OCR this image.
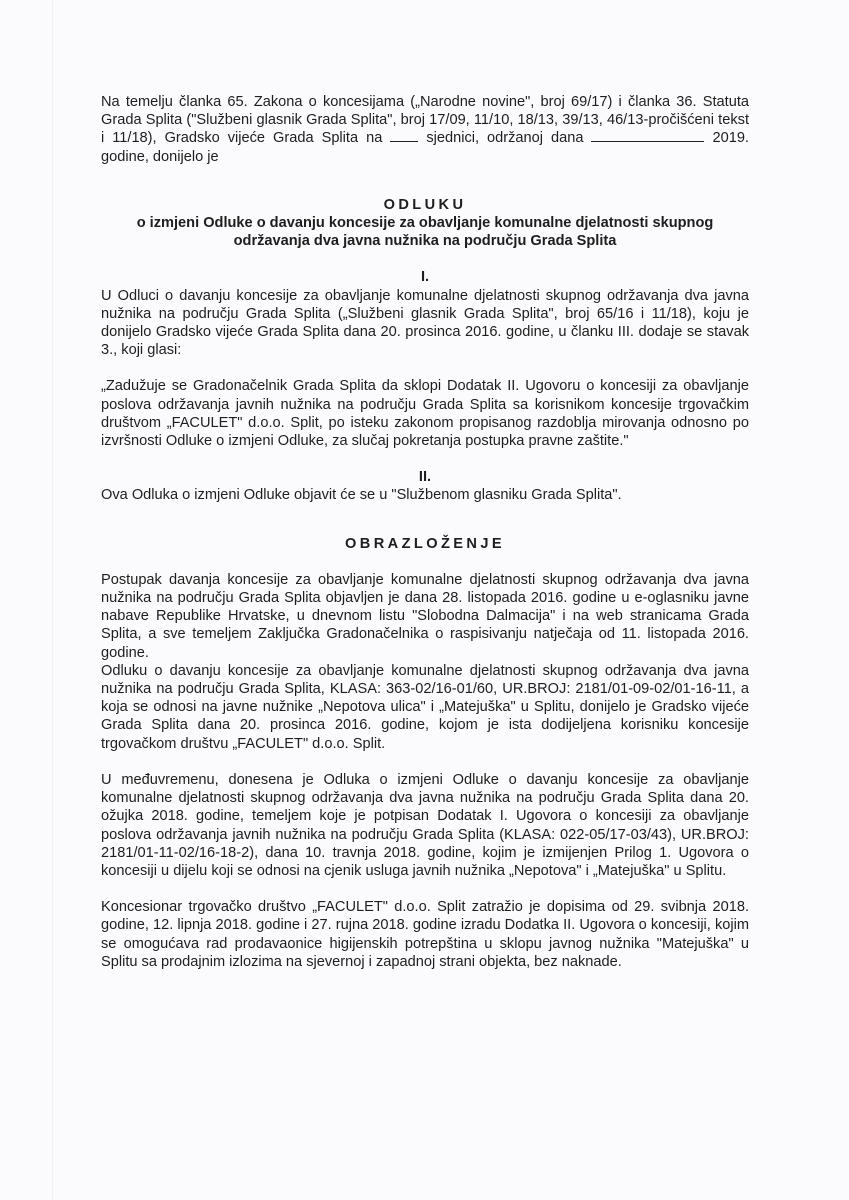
Na temelju članka 65. Zakona o koncesijama („Narodne novine", broj 69/17) i članka 36. Statuta Grada Splita ("Službeni glasnik Grada Splita", broj 17/09, 11/10, 18/13, 39/13, 46/13-pročišćeni tekst i 11/18), Gradsko vijeće Grada Splita na	sjednici, održanoj dana	2019. godine, donijelo je

ODLUKU
o izmjeni Odluke o davanju koncesije za obavljanje komunalne djelatnosti skupnog održavanja dva javna nužnika na području Grada Splita
I.

U Odluci o davanju koncesije za obavljanje komunalne djelatnosti skupnog održavanja dva javna nužnika na području Grada Splita („Službeni glasnik Grada Splita", broj 65/16 i 11/18), koju je donijelo Gradsko vijeće Grada Splita dana 20. prosinca 2016. godine, u članku III. dodaje se stavak 3., koji glasi:

„Zadužuje se Gradonačelnik Grada Splita da sklopi Dodatak II. Ugovoru o koncesiji za obavljanje poslova održavanja javnih nužnika na području Grada Splita sa korisnikom koncesije trgovačkim društvom „FACULET" d.o.o. Split, po isteku zakonom propisanog razdoblja mirovanja odnosno po izvršnosti Odluke o izmjeni Odluke, za slučaj pokretanja postupka pravne zaštite."

II.

Ova Odluka o izmjeni Odluke objavit će se u "Službenom glasniku Grada Splita".

OBRAZLOŽENJE

Postupak davanja koncesije za obavljanje komunalne djelatnosti skupnog održavanja dva javna nužnika na području Grada Splita objavljen je dana 28. listopada 2016. godine u e-oglasniku javne nabave Republike Hrvatske, u dnevnom listu "Slobodna Dalmacija" i na web stranicama Grada Splita, a sve temeljem Zaključka Gradonačelnika o raspisivanju natječaja od 11. listopada 2016. godine.

Odluku o davanju koncesije za obavljanje komunalne djelatnosti skupnog održavanja dva javna nužnika na području Grada Splita, KLASA: 363-02/16-01/60, UR.BROJ: 2181/01-09-02/01-16-11, a koja se odnosi na javne nužnike „Nepotova ulica" i „Matejuška" u Splitu, donijelo je Gradsko vijeće Grada Splita dana 20. prosinca 2016. godine, kojom je ista dodijeljena korisniku koncesije trgovačkom društvu „FACULET" d.o.o. Split.

U međuvremenu, donesena je Odluka o izmjeni Odluke o davanju koncesije za obavljanje komunalne djelatnosti skupnog održavanja dva javna nužnika na području Grada Splita dana 20. ožujka 2018. godine, temeljem koje je potpisan Dodatak I. Ugovora o koncesiji za obavljanje poslova održavanja javnih nužnika na području Grada Splita (KLASA: 022-05/17-03/43), UR.BROJ: 2181/01-11-02/16-18-2), dana 10. travnja 2018. godine, kojim je izmijenjen Prilog 1. Ugovora o koncesiji u dijelu koji se odnosi na cjenik usluga javnih nužnika „Nepotova" i „Matejuška" u Splitu.

Koncesionar trgovačko društvo „FACULET" d.o.o. Split zatražio je dopisima od 29. svibnja 2018. godine, 12. lipnja 2018. godine i 27. rujna 2018. godine izradu Dodatka II. Ugovora o koncesiji, kojim se omogućava rad prodavaonice higijenskih potrepština u sklopu javnog nužnika "Matejuška" u Splitu sa prodajnim izlozima na sjevernoj i zapadnoj strani objekta, bez naknade.
